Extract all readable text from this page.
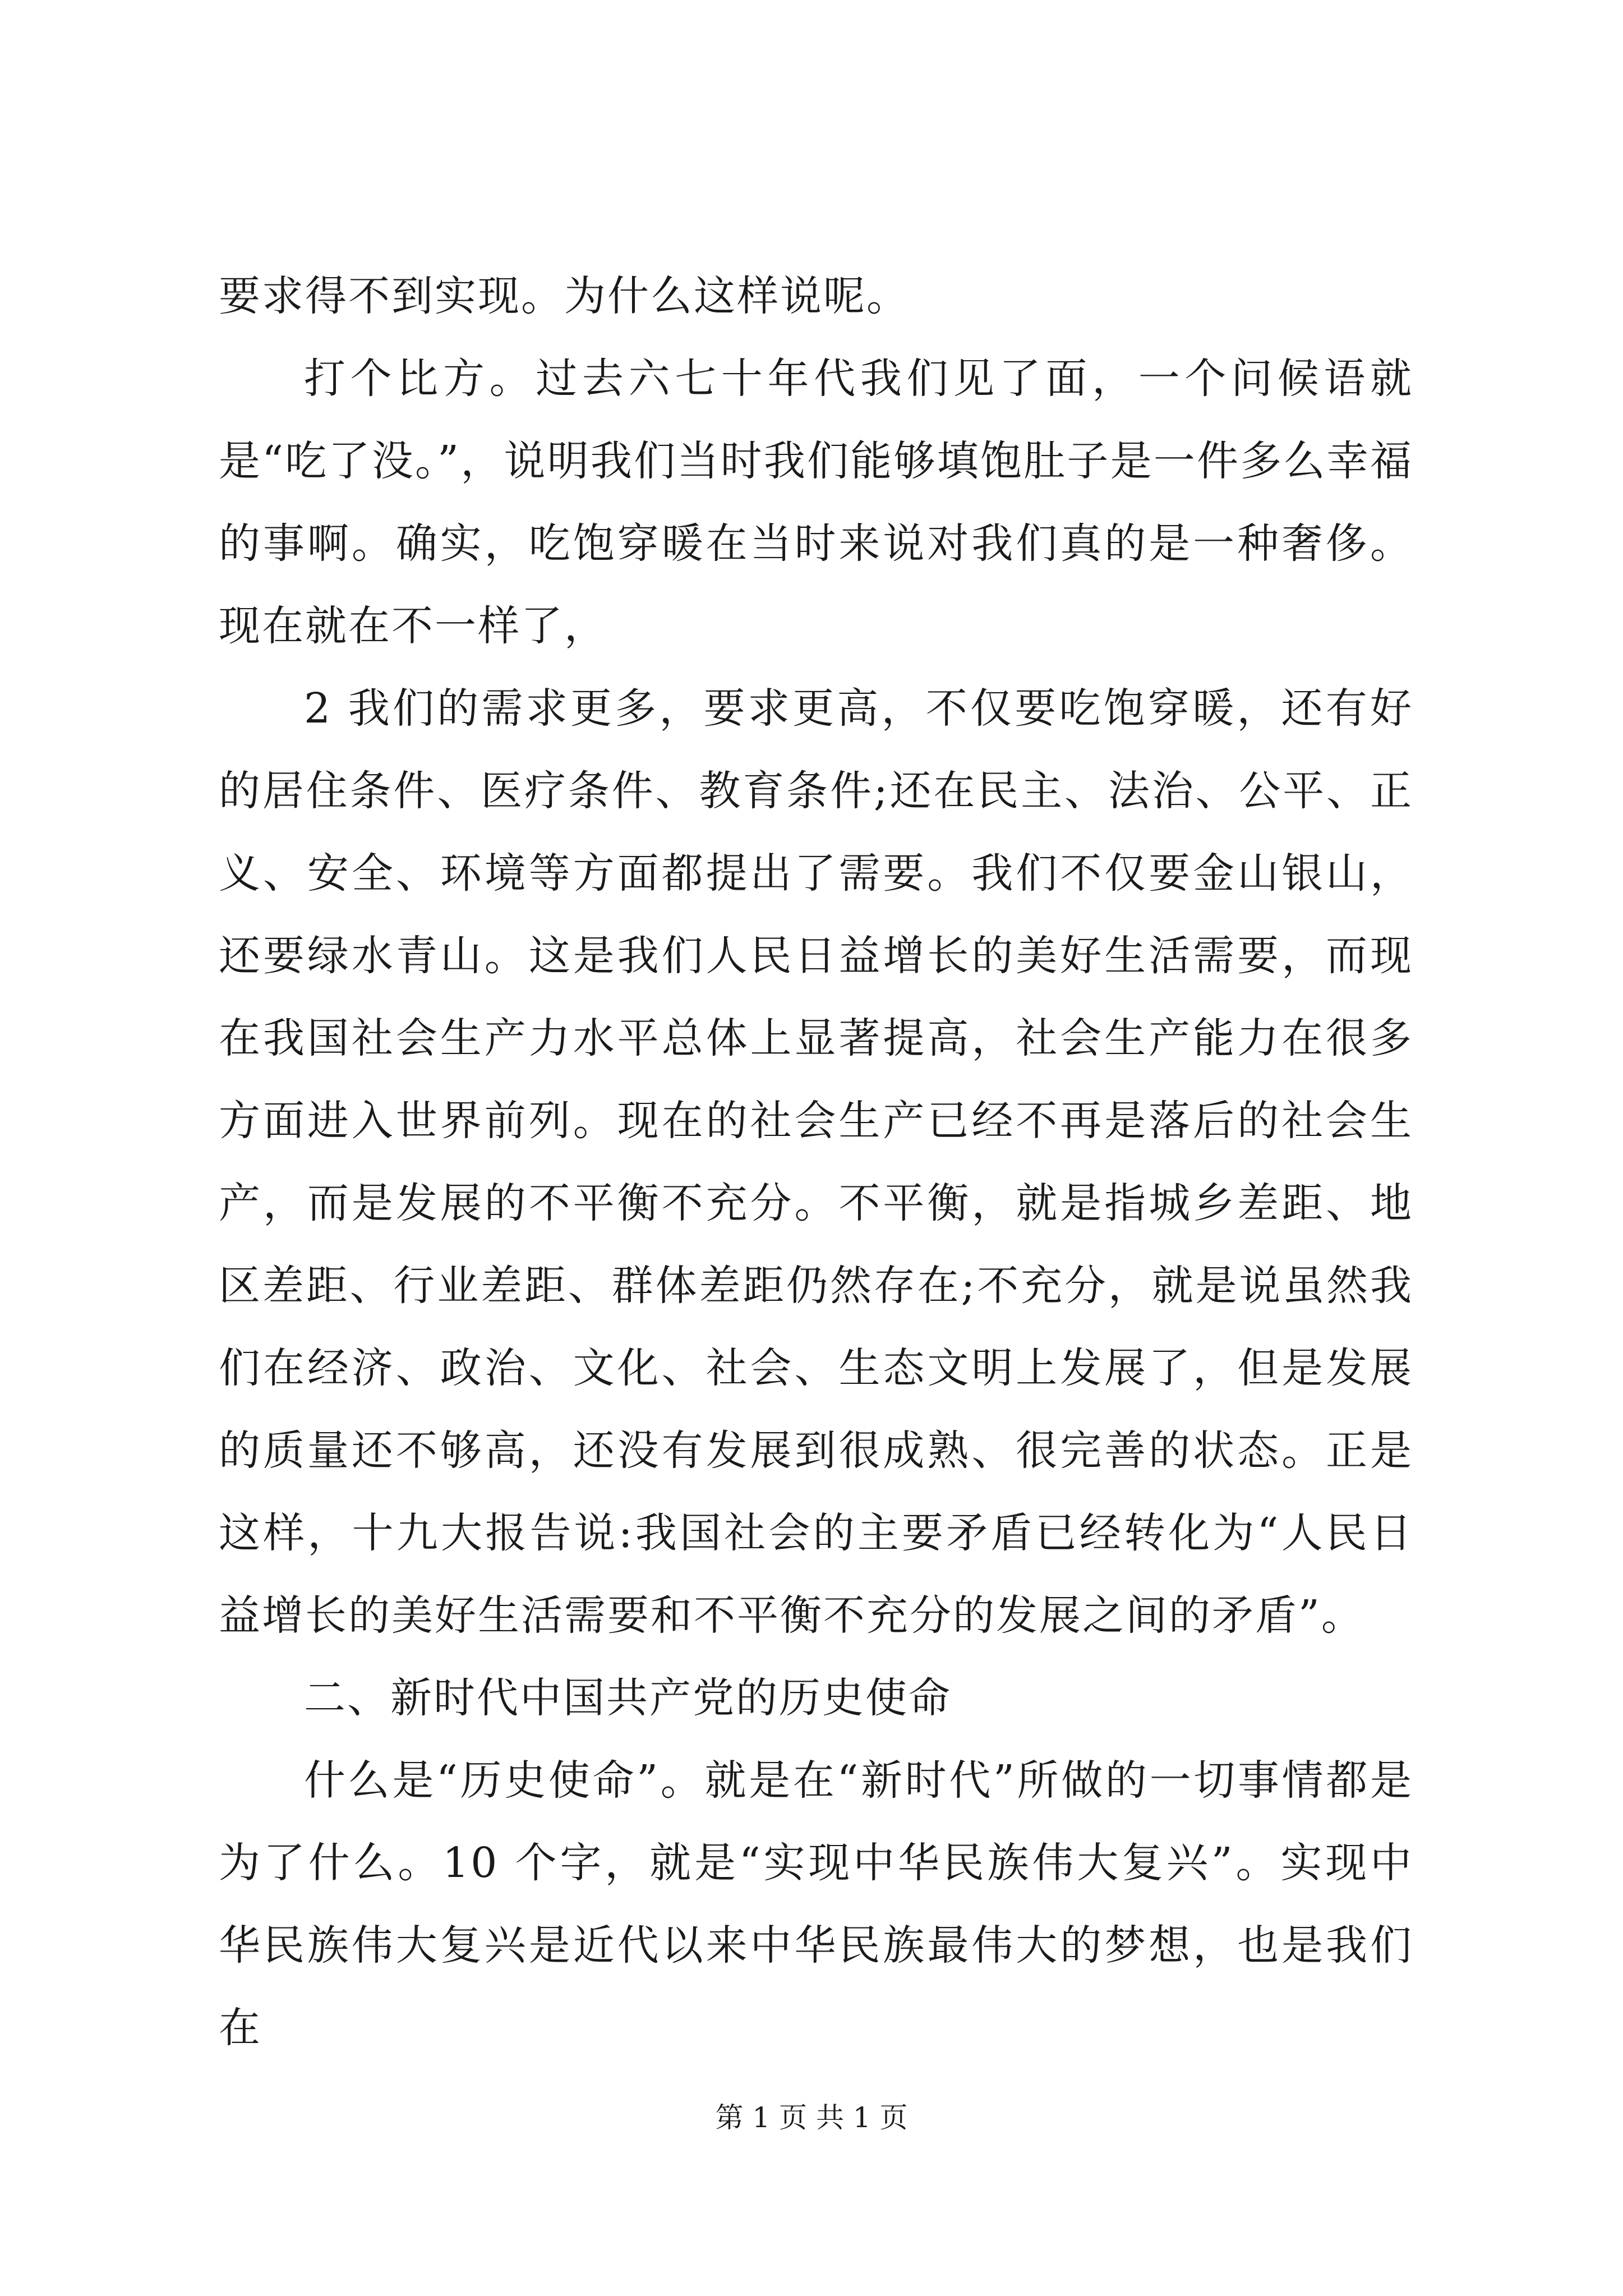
要求得不到实现。为什么这样说呢。

打个比方。过去六七十年代我们见了面，一个问候语就是“吃了没。”，说明我们当时我们能够填饱肚子是一件多么幸福的事啊。确实，吃饱穿暖在当时来说对我们真的是一种奢侈。现在就在不一样了，

2 我们的需求更多，要求更高，不仅要吃饱穿暖，还有好的居住条件、医疗条件、教育条件;还在民主、法治、公平、正义、安全、环境等方面都提出了需要。我们不仅要金山银山，还要绿水青山。这是我们人民日益增长的美好生活需要，而现在我国社会生产力水平总体上显著提高，社会生产能力在很多方面进入世界前列。现在的社会生产已经不再是落后的社会生产，而是发展的不平衡不充分。不平衡，就是指城乡差距、地区差距、行业差距、群体差距仍然存在;不充分，就是说虽然我们在经济、政治、文化、社会、生态文明上发展了，但是发展的质量还不够高，还没有发展到很成熟、很完善的状态。正是这样，十九大报告说:我国社会的主要矛盾已经转化为“人民日益增长的美好生活需要和不平衡不充分的发展之间的矛盾”。

二、新时代中国共产党的历史使命

什么是“历史使命”。就是在“新时代”所做的一切事情都是为了什么。10 个字，就是“实现中华民族伟大复兴”。实现中华民族伟大复兴是近代以来中华民族最伟大的梦想，也是我们在

第 1 页 共 1 页
